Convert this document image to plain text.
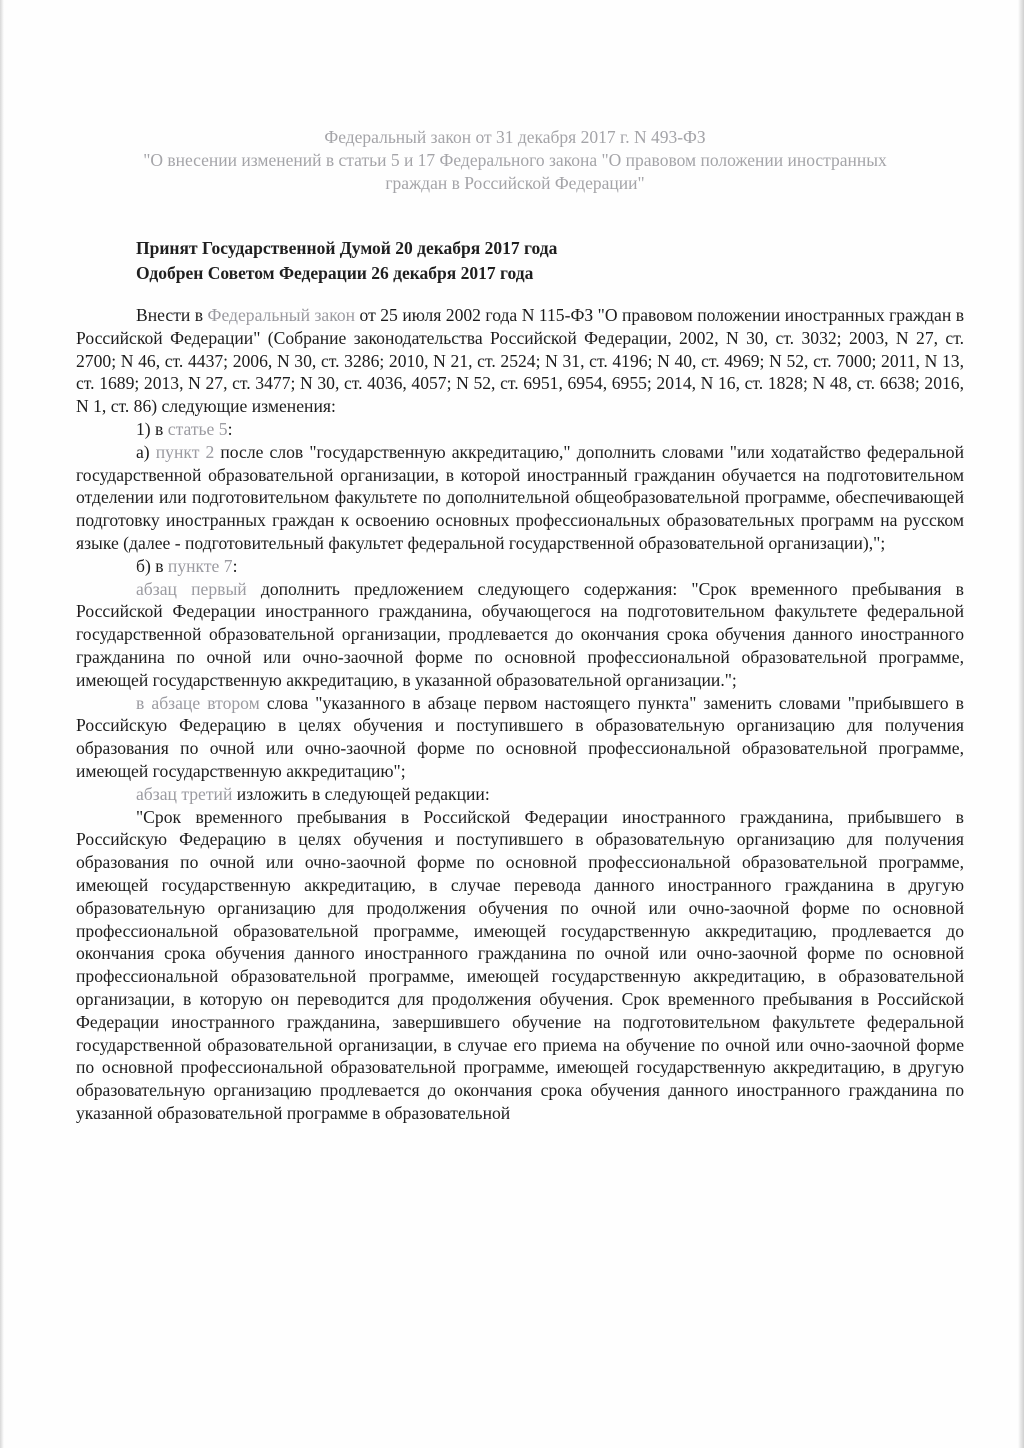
Федеральный закон от 31 декабря 2017 г. N 493-ФЗ
"О внесении изменений в статьи 5 и 17 Федерального закона "О правовом положении иностранных
граждан в Российской Федерации"
Принят Государственной Думой 20 декабря 2017 года
Одобрен Советом Федерации 26 декабря 2017 года

Внести в Федеральный закон от 25 июля 2002 года N 115-ФЗ "О правовом положении иностранных граждан в Российской Федерации" (Собрание законодательства Российской Федерации, 2002, N 30, ст. 3032; 2003, N 27, ст. 2700; N 46, ст. 4437; 2006, N 30, ст. 3286; 2010, N 21, ст. 2524; N 31, ст. 4196; N 40, ст. 4969; N 52, ст. 7000; 2011, N 13, ст. 1689; 2013, N 27, ст. 3477; N 30, ст. 4036, 4057; N 52, ст. 6951, 6954, 6955; 2014, N 16, ст. 1828; N 48, ст. 6638; 2016, N 1, ст. 86) следующие изменения:

1) в статье 5:

а) пункт 2 после слов "государственную аккредитацию," дополнить словами "или ходатайство федеральной государственной образовательной организации, в которой иностранный гражданин обучается на подготовительном отделении или подготовительном факультете по дополнительной общеобразовательной программе, обеспечивающей подготовку иностранных граждан к освоению основных профессиональных образовательных программ на русском языке (далее - подготовительный факультет федеральной государственной образовательной организации),";

б) в пункте 7:

абзац первый дополнить предложением следующего содержания: "Срок временного пребывания в Российской Федерации иностранного гражданина, обучающегося на подготовительном факультете федеральной государственной образовательной организации, продлевается до окончания срока обучения данного иностранного гражданина по очной или очно-заочной форме по основной профессиональной образовательной программе, имеющей государственную аккредитацию, в указанной образовательной организации.";

в абзаце втором слова "указанного в абзаце первом настоящего пункта" заменить словами "прибывшего в Российскую Федерацию в целях обучения и поступившего в образовательную организацию для получения образования по очной или очно-заочной форме по основной профессиональной образовательной программе, имеющей государственную аккредитацию";

абзац третий изложить в следующей редакции:

"Срок временного пребывания в Российской Федерации иностранного гражданина, прибывшего в Российскую Федерацию в целях обучения и поступившего в образовательную организацию для получения образования по очной или очно-заочной форме по основной профессиональной образовательной программе, имеющей государственную аккредитацию, в случае перевода данного иностранного гражданина в другую образовательную организацию для продолжения обучения по очной или очно-заочной форме по основной профессиональной образовательной программе, имеющей государственную аккредитацию, продлевается до окончания срока обучения данного иностранного гражданина по очной или очно-заочной форме по основной профессиональной образовательной программе, имеющей государственную аккредитацию, в образовательной организации, в которую он переводится для продолжения обучения. Срок временного пребывания в Российской Федерации иностранного гражданина, завершившего обучение на подготовительном факультете федеральной государственной образовательной организации, в случае его приема на обучение по очной или очно-заочной форме по основной профессиональной образовательной программе, имеющей государственную аккредитацию, в другую образовательную организацию продлевается до окончания срока обучения данного иностранного гражданина по указанной образовательной программе в образовательной
